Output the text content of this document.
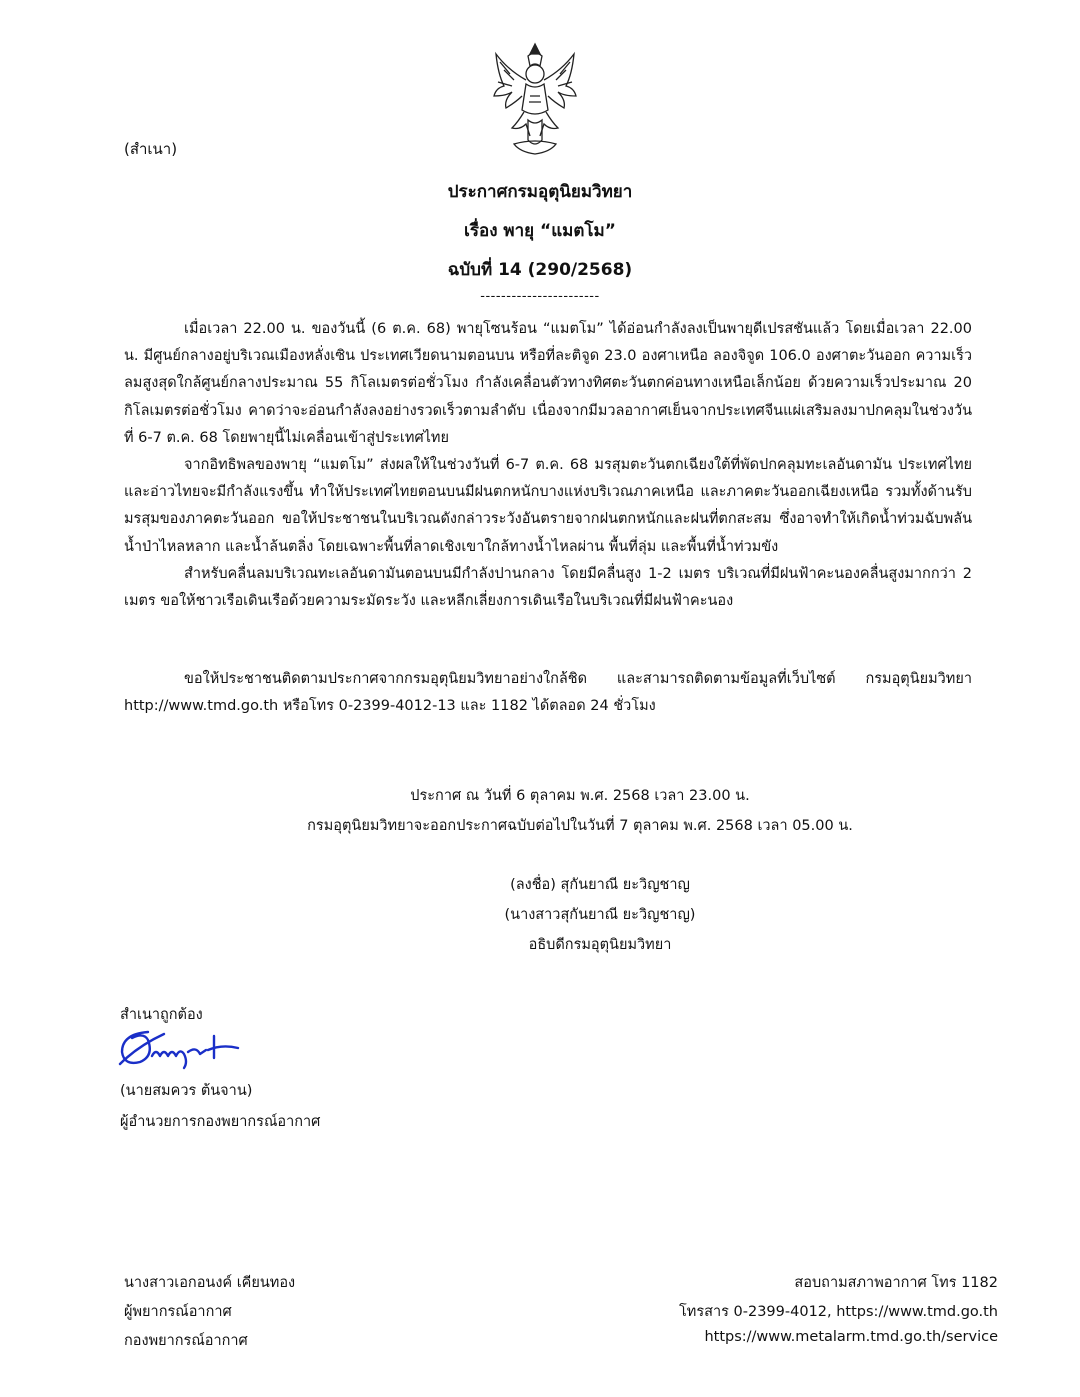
(สำเนา)
ประกาศกรมอุตุนิยมวิทยา
เรื่อง พายุ “แมตโม”
ฉบับที่ 14 (290/2568)
-----------------------

เมื่อเวลา 22.00 น. ของวันนี้ (6 ต.ค. 68) พายุโซนร้อน “แมตโม” ได้อ่อนกำลังลงเป็นพายุดีเปรสชันแล้ว โดยเมื่อเวลา 22.00 น. มีศูนย์กลางอยู่บริเวณเมืองหลั่งเซิน ประเทศเวียดนามตอนบน หรือที่ละติจูด 23.0 องศาเหนือ ลองจิจูด 106.0 องศาตะวันออก ความเร็วลมสูงสุดใกล้ศูนย์กลางประมาณ 55 กิโลเมตรต่อชั่วโมง กำลังเคลื่อนตัวทางทิศตะวันตกค่อนทางเหนือเล็กน้อย ด้วยความเร็วประมาณ 20 กิโลเมตรต่อชั่วโมง คาดว่าจะอ่อนกำลังลงอย่างรวดเร็วตามลำดับ เนื่องจากมีมวลอากาศเย็นจากประเทศจีนแผ่เสริมลงมาปกคลุมในช่วงวันที่ 6-7 ต.ค. 68 โดยพายุนี้ไม่เคลื่อนเข้าสู่ประเทศไทย

จากอิทธิพลของพายุ “แมตโม” ส่งผลให้ในช่วงวันที่ 6-7 ต.ค. 68 มรสุมตะวันตกเฉียงใต้ที่พัดปกคลุมทะเลอันดามัน ประเทศไทย และอ่าวไทยจะมีกำลังแรงขึ้น ทำให้ประเทศไทยตอนบนมีฝนตกหนักบางแห่งบริเวณภาคเหนือ และภาคตะวันออกเฉียงเหนือ รวมทั้งด้านรับมรสุมของภาคตะวันออก ขอให้ประชาชนในบริเวณดังกล่าวระวังอันตรายจากฝนตกหนักและฝนที่ตกสะสม ซึ่งอาจทำให้เกิดน้ำท่วมฉับพลัน น้ำป่าไหลหลาก และน้ำล้นตลิ่ง โดยเฉพาะพื้นที่ลาดเชิงเขาใกล้ทางน้ำไหลผ่าน พื้นที่ลุ่ม และพื้นที่น้ำท่วมขัง

สำหรับคลื่นลมบริเวณทะเลอันดามันตอนบนมีกำลังปานกลาง โดยมีคลื่นสูง 1-2 เมตร บริเวณที่มีฝนฟ้าคะนองคลื่นสูงมากกว่า 2 เมตร ขอให้ชาวเรือเดินเรือด้วยความระมัดระวัง และหลีกเลี่ยงการเดินเรือในบริเวณที่มีฝนฟ้าคะนอง

ขอให้ประชาชนติดตามประกาศจากกรมอุตุนิยมวิทยาอย่างใกล้ชิด และสามารถติดตามข้อมูลที่เว็บไซต์ กรมอุตุนิยมวิทยา http://www.tmd.go.th หรือโทร 0-2399-4012-13 และ 1182 ได้ตลอด 24 ชั่วโมง

ประกาศ ณ วันที่ 6 ตุลาคม พ.ศ. 2568 เวลา 23.00 น.
กรมอุตุนิยมวิทยาจะออกประกาศฉบับต่อไปในวันที่ 7 ตุลาคม พ.ศ. 2568 เวลา 05.00 น.
(ลงชื่อ) สุกันยาณี ยะวิญชาญ
(นางสาวสุกันยาณี ยะวิญชาญ)
อธิบดีกรมอุตุนิยมวิทยา
สำเนาถูกต้อง
(นายสมควร ต้นจาน)
ผู้อำนวยการกองพยากรณ์อากาศ
นางสาวเอกอนงค์ เคียนทอง
ผู้พยากรณ์อากาศ
กองพยากรณ์อากาศ
สอบถามสภาพอากาศ โทร 1182
โทรสาร 0-2399-4012, https://www.tmd.go.th
https://www.metalarm.tmd.go.th/service
